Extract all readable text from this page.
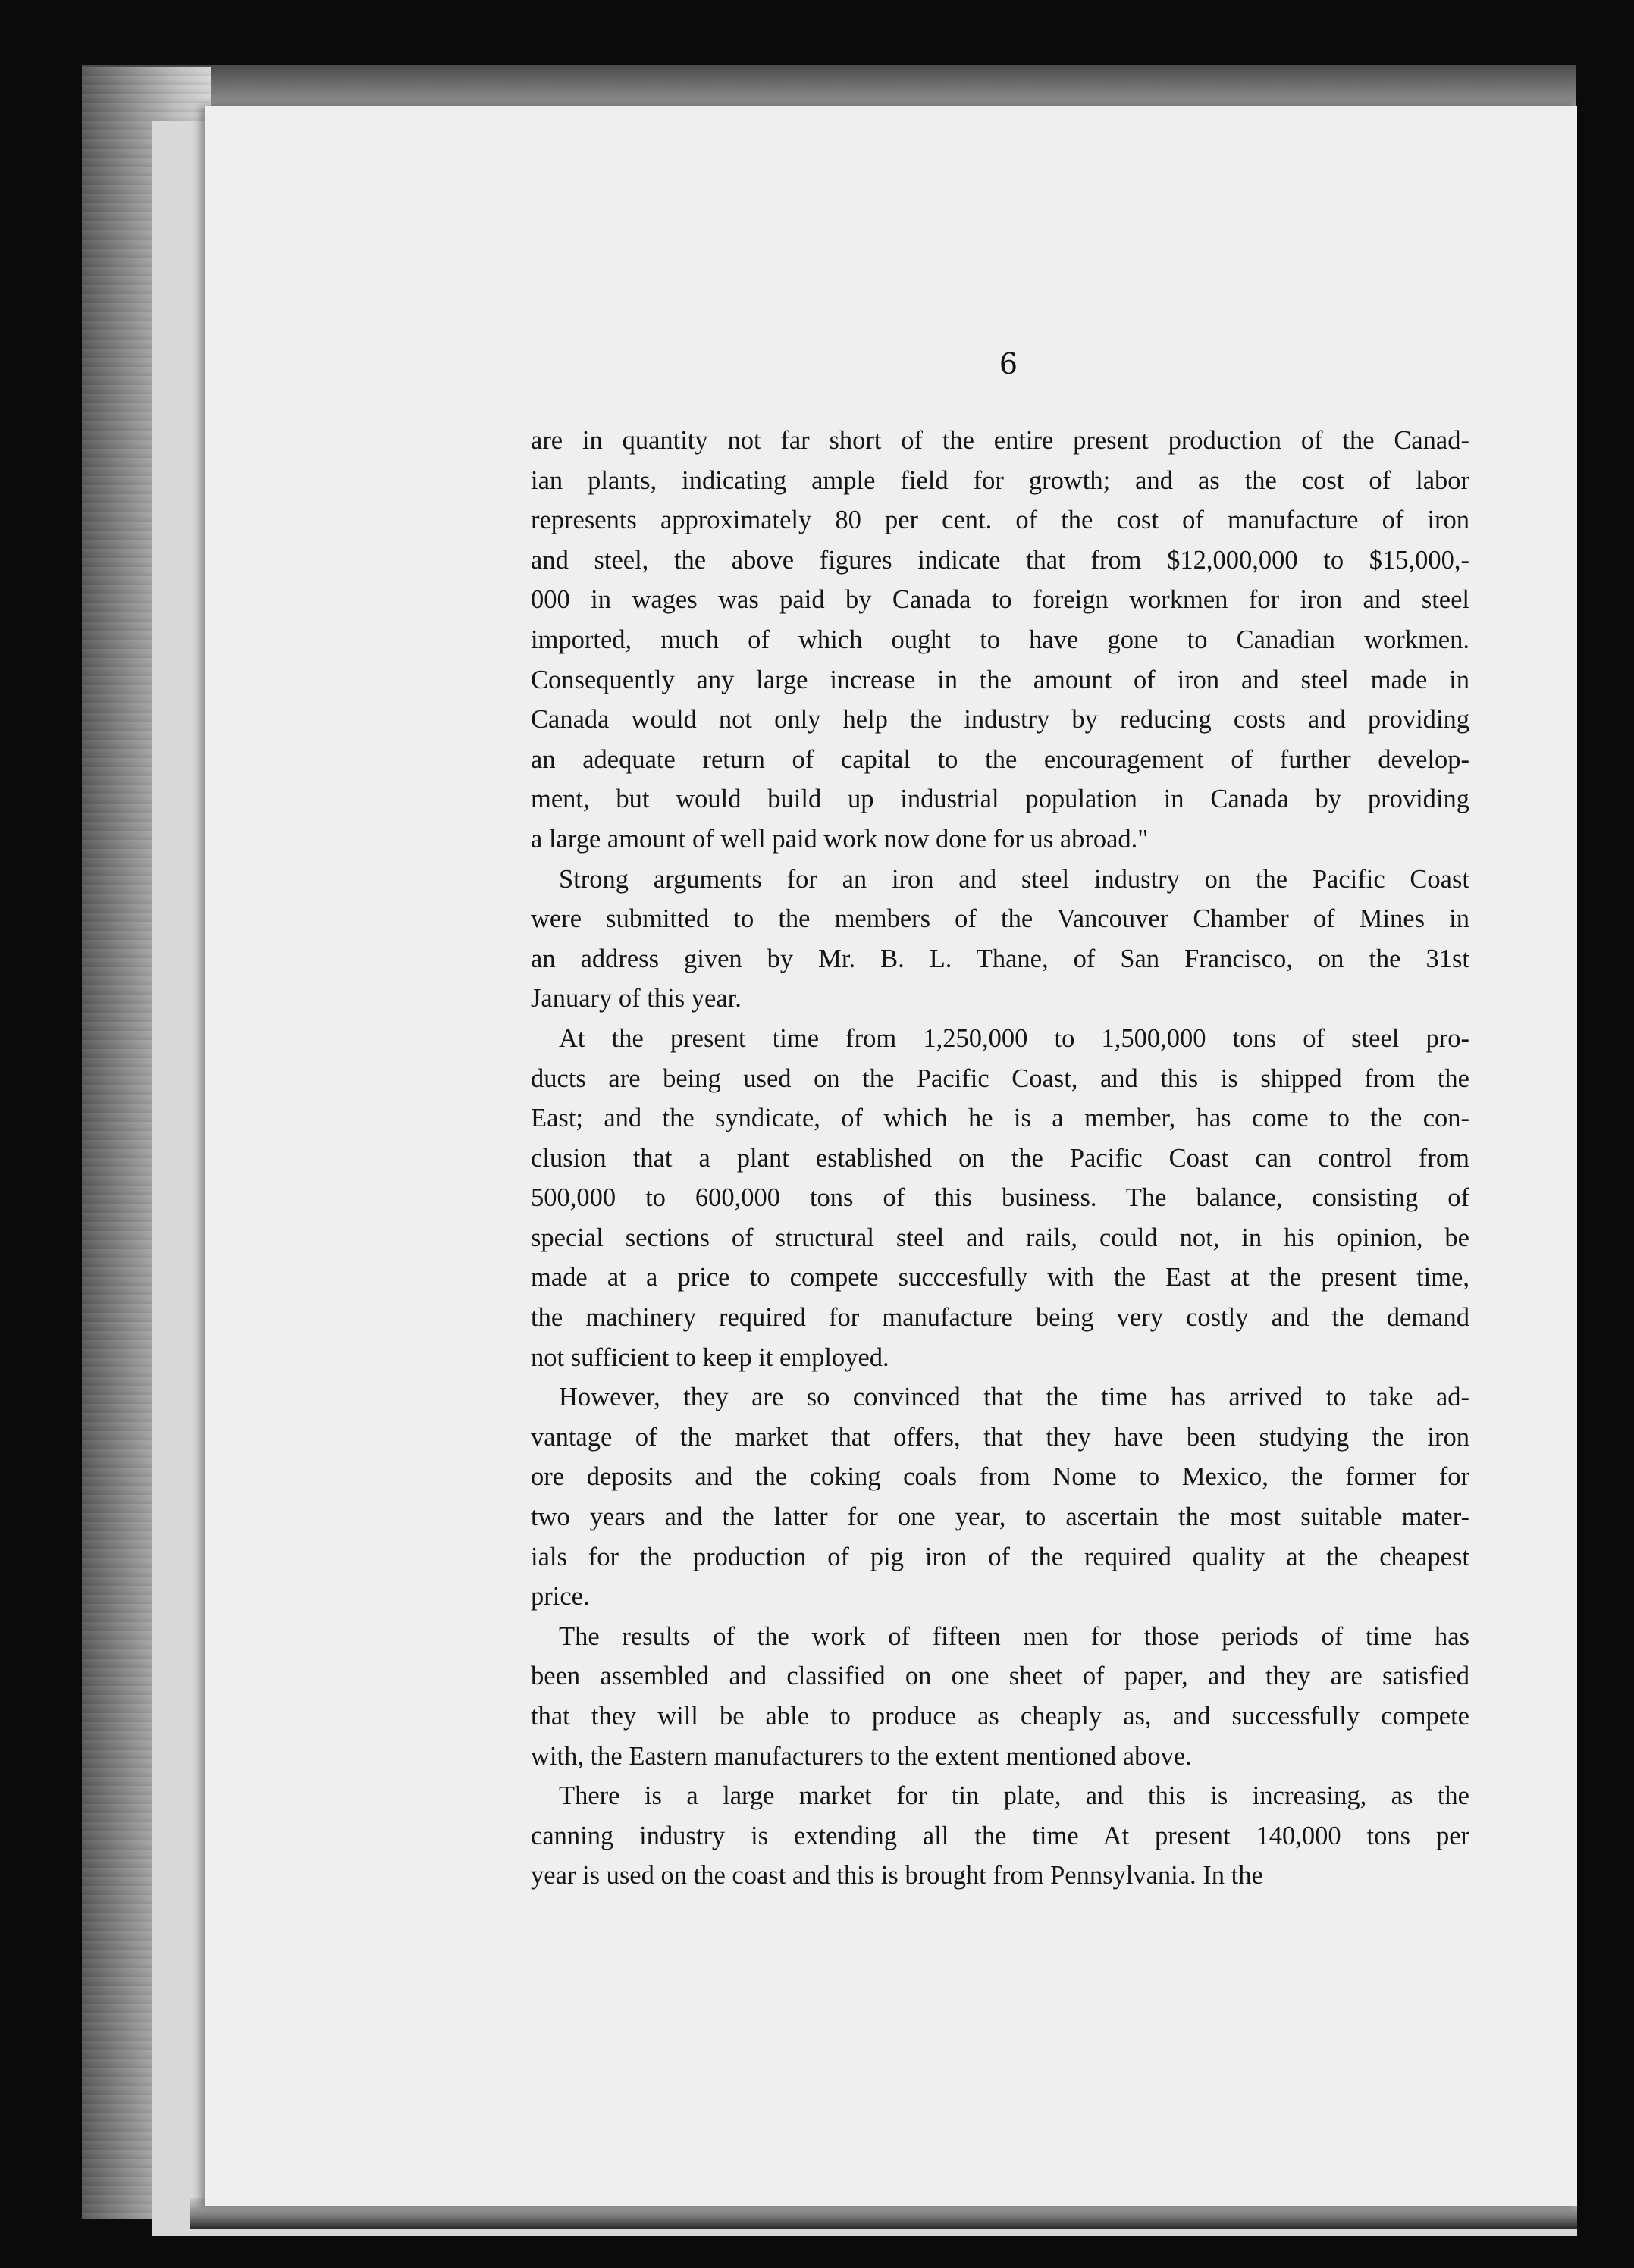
6
are in quantity not far short of the entire present production of the Canad-
ian plants, indicating ample field for growth; and as the cost of labor
represents approximately 80 per cent. of the cost of manufacture of iron
and steel, the above figures indicate that from $12,000,000 to $15,000,-
000 in wages was paid by Canada to foreign workmen for iron and steel
imported, much of which ought to have gone to Canadian workmen.
Consequently any large increase in the amount of iron and steel made in
Canada would not only help the industry by reducing costs and providing
an adequate return of capital to the encouragement of further develop-
ment, but would build up industrial population in Canada by providing
a large amount of well paid work now done for us abroad."
Strong arguments for an iron and steel industry on the Pacific Coast
were submitted to the members of the Vancouver Chamber of Mines in
an address given by Mr. B. L. Thane, of San Francisco, on the 31st
January of this year.
At the present time from 1,250,000 to 1,500,000 tons of steel pro-
ducts are being used on the Pacific Coast, and this is shipped from the
East; and the syndicate, of which he is a member, has come to the con-
clusion that a plant established on the Pacific Coast can control from
500,000 to 600,000 tons of this business. The balance, consisting of
special sections of structural steel and rails, could not, in his opinion, be
made at a price to compete succcesfully with the East at the present time,
the machinery required for manufacture being very costly and the demand
not sufficient to keep it employed.
However, they are so convinced that the time has arrived to take ad-
vantage of the market that offers, that they have been studying the iron
ore deposits and the coking coals from Nome to Mexico, the former for
two years and the latter for one year, to ascertain the most suitable mater-
ials for the production of pig iron of the required quality at the cheapest
price.
The results of the work of fifteen men for those periods of time has
been assembled and classified on one sheet of paper, and they are satisfied
that they will be able to produce as cheaply as, and successfully compete
with, the Eastern manufacturers to the extent mentioned above.
There is a large market for tin plate, and this is increasing, as the
canning industry is extending all the time At present 140,000 tons per
year is used on the coast and this is brought from Pennsylvania. In the
